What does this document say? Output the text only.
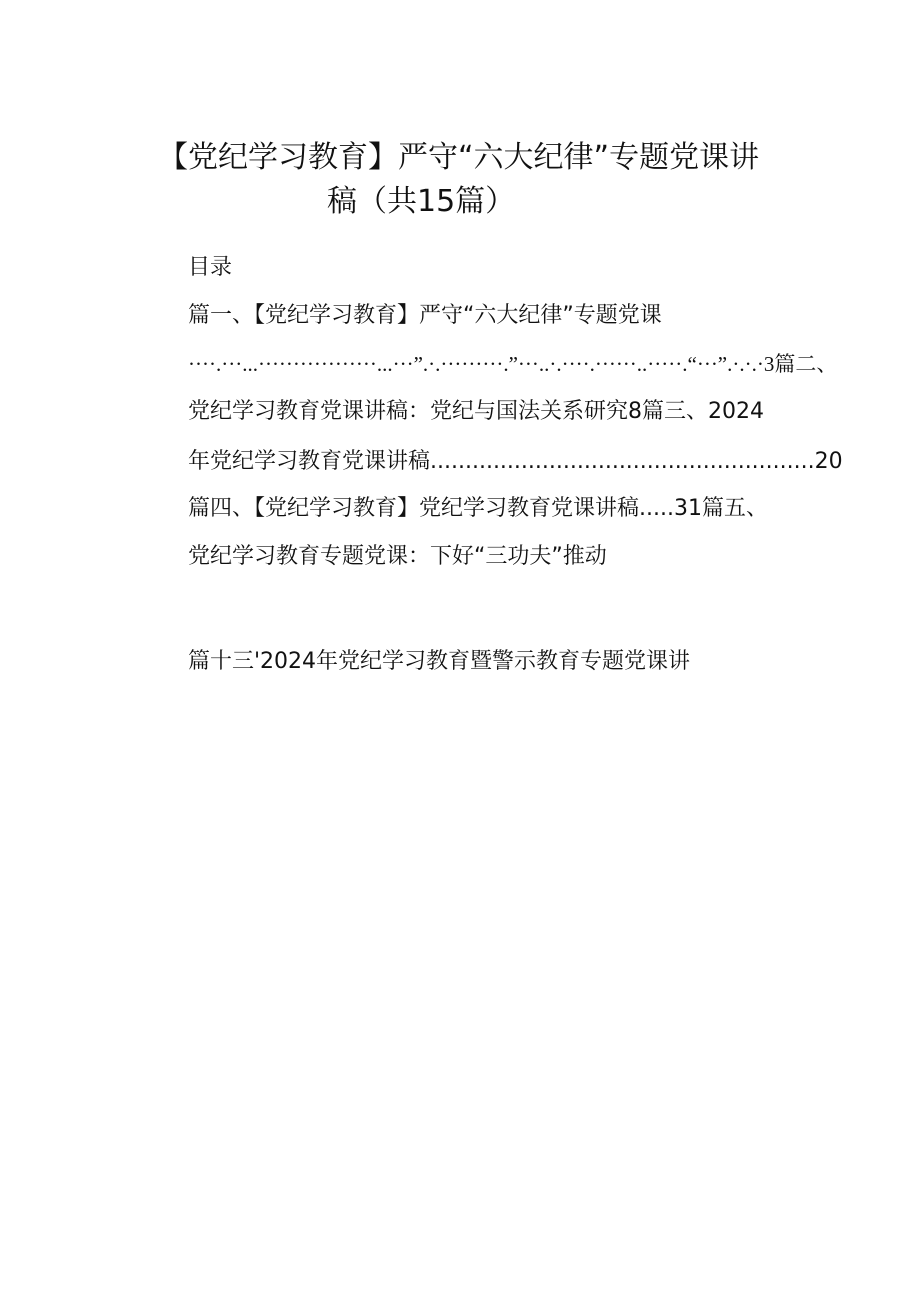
【党纪学习教育】严守“六大纪律”专题党课讲
稿（共15篇）
目录
篇一、【党纪学习教育】严守“六大纪律”专题党课
····.···...·················...···”.·.·········.”···..·.····.······..·····.“···”.·.·.·3篇二、
党纪学习教育党课讲稿：党纪与国法关系研究8篇三、2024
年党纪学习教育党课讲稿.......................................................20
篇四、【党纪学习教育】党纪学习教育党课讲稿.....31篇五、
党纪学习教育专题党课：下好“三功夫”推动
篇十三'2024年党纪学习教育暨警示教育专题党课讲
